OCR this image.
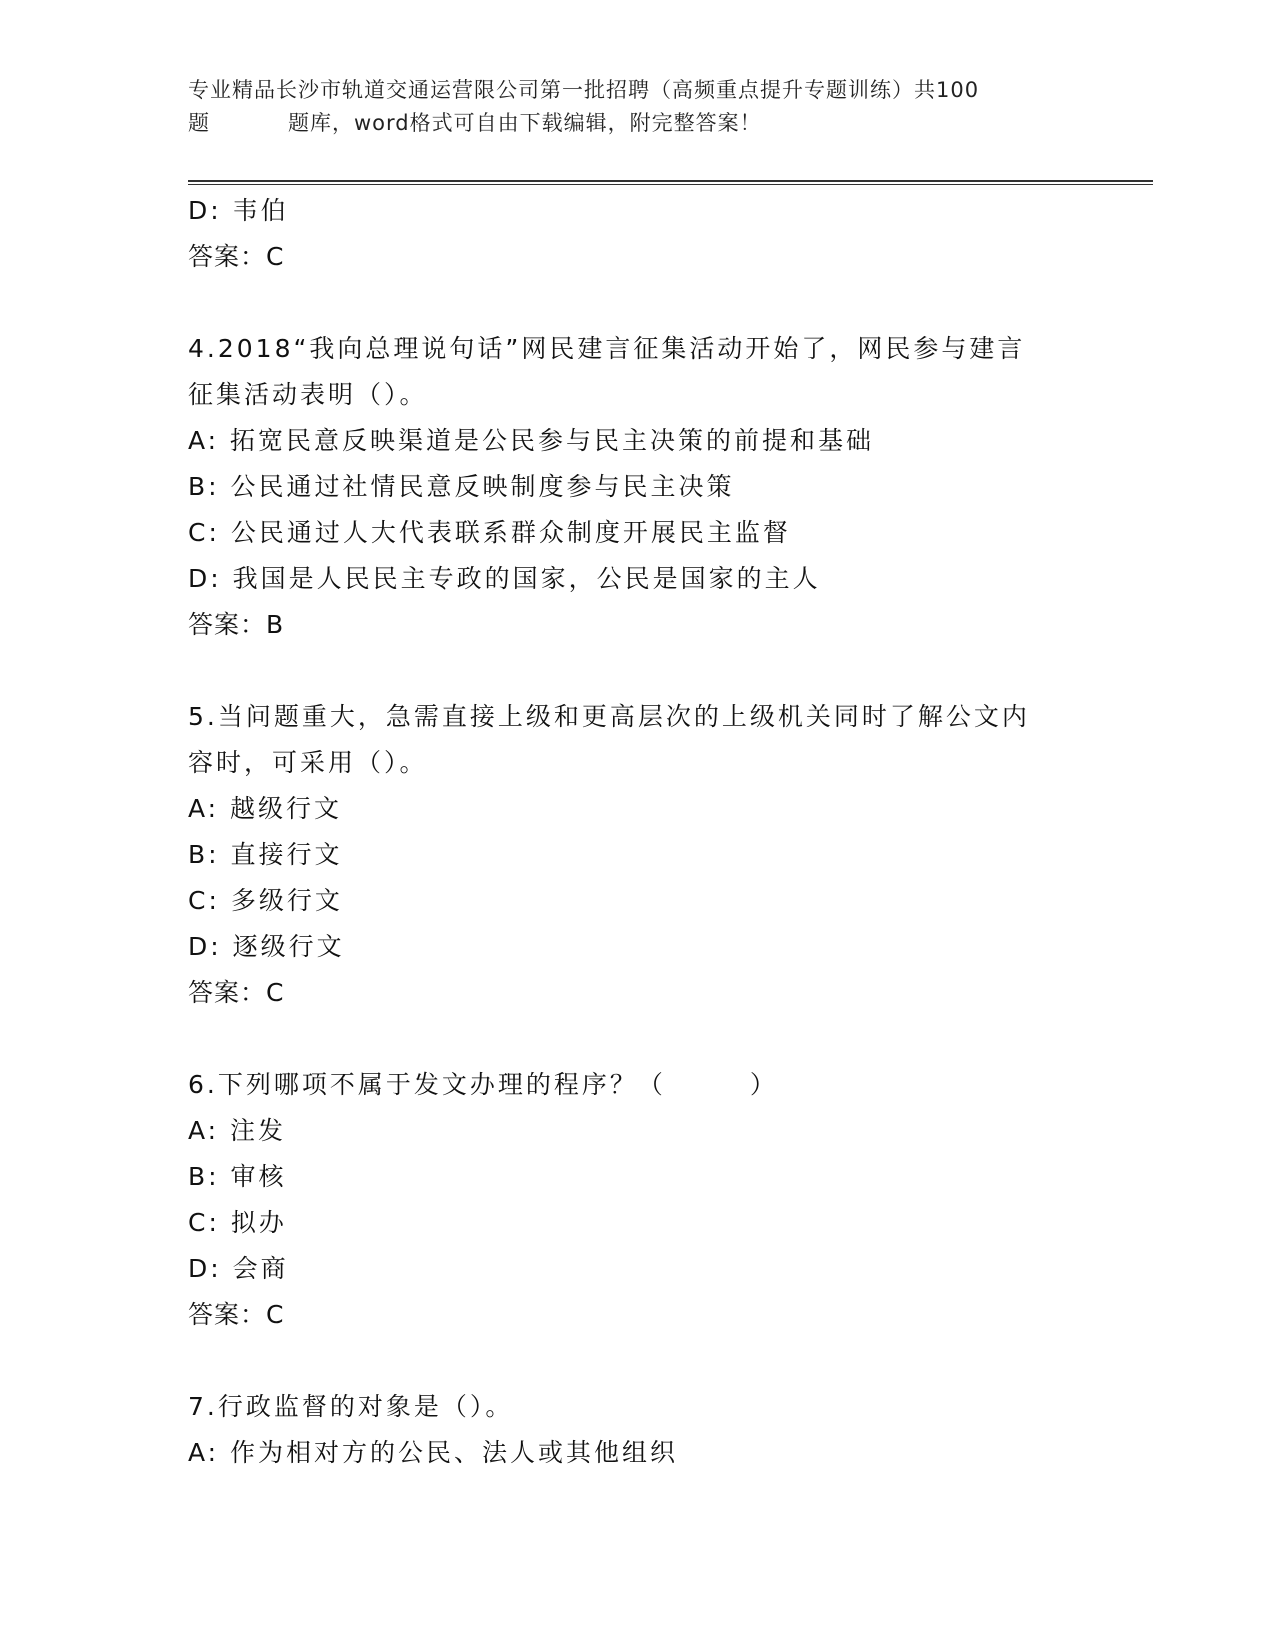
专业精品长沙市轨道交通运营限公司第一批招聘（高频重点提升专题训练）共100
题	题库，word格式可自由下载编辑，附完整答案！
D: 韦伯
答案：C
4.2018“我向总理说句话”网民建言征集活动开始了，网民参与建言
征集活动表明（）。
A: 拓宽民意反映渠道是公民参与民主决策的前提和基础
B: 公民通过社情民意反映制度参与民主决策
C: 公民通过人大代表联系群众制度开展民主监督
D: 我国是人民民主专政的国家，公民是国家的主人
答案：B
5.当问题重大，急需直接上级和更高层次的上级机关同时了解公文内
容时，可采用（）。
A: 越级行文
B: 直接行文
C: 多级行文
D: 逐级行文
答案：C
6.下列哪项不属于发文办理的程序？（　　　）
A: 注发
B: 审核
C: 拟办
D: 会商
答案：C
7.行政监督的对象是（）。
A: 作为相对方的公民、法人或其他组织
